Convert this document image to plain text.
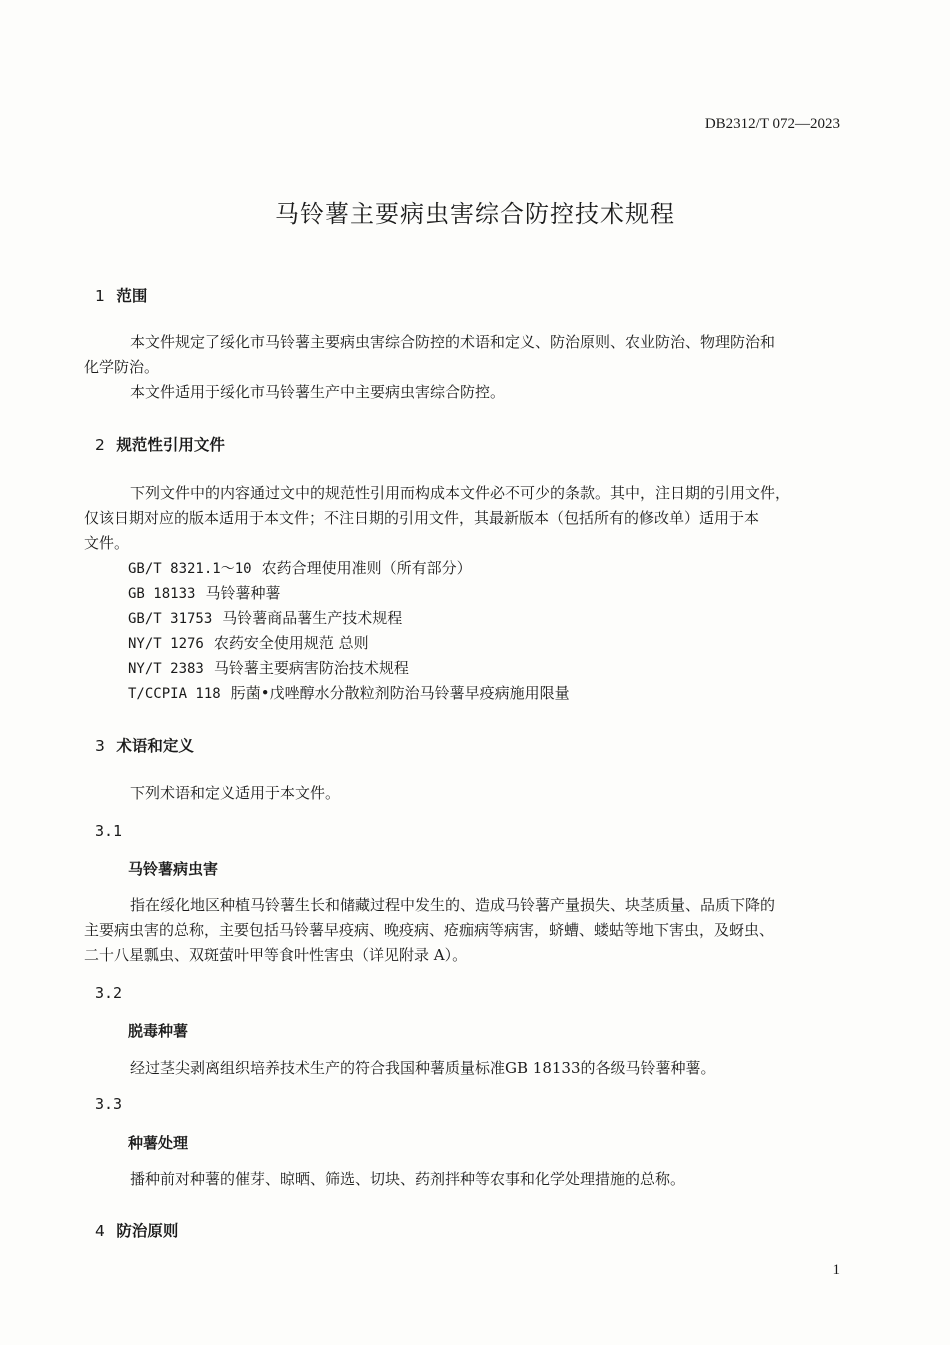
DB2312/T 072—2023
马铃薯主要病虫害综合防控技术规程
1 范围
本文件规定了绥化市马铃薯主要病虫害综合防控的术语和定义、防治原则、农业防治、物理防治和
化学防治。
本文件适用于绥化市马铃薯生产中主要病虫害综合防控。
2 规范性引用文件
下列文件中的内容通过文中的规范性引用而构成本文件必不可少的条款。其中，注日期的引用文件，
仅该日期对应的版本适用于本文件；不注日期的引用文件，其最新版本（包括所有的修改单）适用于本
文件。
GB/T 8321.1～10 农药合理使用准则（所有部分）
GB 18133 马铃薯种薯
GB/T 31753 马铃薯商品薯生产技术规程
NY/T 1276 农药安全使用规范 总则
NY/T 2383 马铃薯主要病害防治技术规程
T/CCPIA 118 肟菌•戊唑醇水分散粒剂防治马铃薯早疫病施用限量
3 术语和定义
下列术语和定义适用于本文件。
3.1
马铃薯病虫害
指在绥化地区种植马铃薯生长和储藏过程中发生的、造成马铃薯产量损失、块茎质量、品质下降的
主要病虫害的总称，主要包括马铃薯早疫病、晚疫病、疮痂病等病害，蛴螬、蝼蛄等地下害虫，及蚜虫、
二十八星瓢虫、双斑萤叶甲等食叶性害虫（详见附录 A）。
3.2
脱毒种薯
经过茎尖剥离组织培养技术生产的符合我国种薯质量标准GB 18133的各级马铃薯种薯。
3.3
种薯处理
播种前对种薯的催芽、晾晒、筛选、切块、药剂拌种等农事和化学处理措施的总称。
4 防治原则
1
